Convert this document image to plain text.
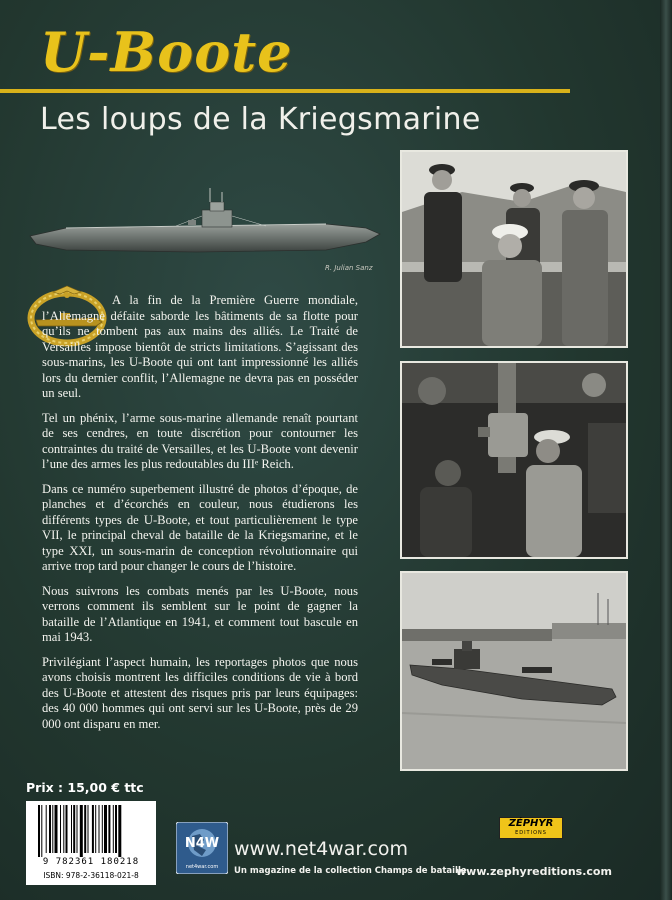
U-Boote
Les loups de la Kriegsmarine
R. Julian Sanz

A la fin de la Première Guerre mondiale, l’Allemagne défaite saborde les bâtiments de sa flotte pour qu’ils ne tombent pas aux mains des alliés. Le Traité de Versailles impose bientôt de stricts limitations. S’agissant des sous-marins, les U-Boote qui ont tant impressionné les alliés lors du dernier conflit, l’Allemagne ne devra pas en posséder un seul.

Tel un phénix, l’arme sous-marine allemande renaît pourtant de ses cendres, en toute discrétion pour contourner les contraintes du traité de Versailles, et les U-Boote vont devenir l’une des armes les plus redoutables du IIIᵉ Reich.

Dans ce numéro superbement illustré de photos d’époque, de planches et d’écorchés en couleur, nous étudierons les différents types de U-Boote, et tout particulièrement le type VII, le principal cheval de bataille de la Kriegsmarine, et le type XXI, un sous-marin de conception révolutionnaire qui arrive trop tard pour changer le cours de l’histoire.

Nous suivrons les combats menés par les U-Boote, nous verrons comment ils semblent sur le point de gagner la bataille de l’Atlantique en 1941, et comment tout bascule en mai 1943.

Privilégiant l’aspect humain, les reportages photos que nous avons choisis montrent les difficiles conditions de vie à bord des U-Boote et attestent des risques pris par leurs équipages: des 40 000 hommes qui ont servi sur les U-Boote, près de 29 000 ont disparu en mer.

Prix : 15,00 € ttc
9 782361 180218
ISBN: 978-2-36118-021-8
N4W
net4war.com
www.net4war.com
Un magazine de la collection Champs de bataille.
ZÉPHYR
EDITIONS
www.zephyreditions.com
